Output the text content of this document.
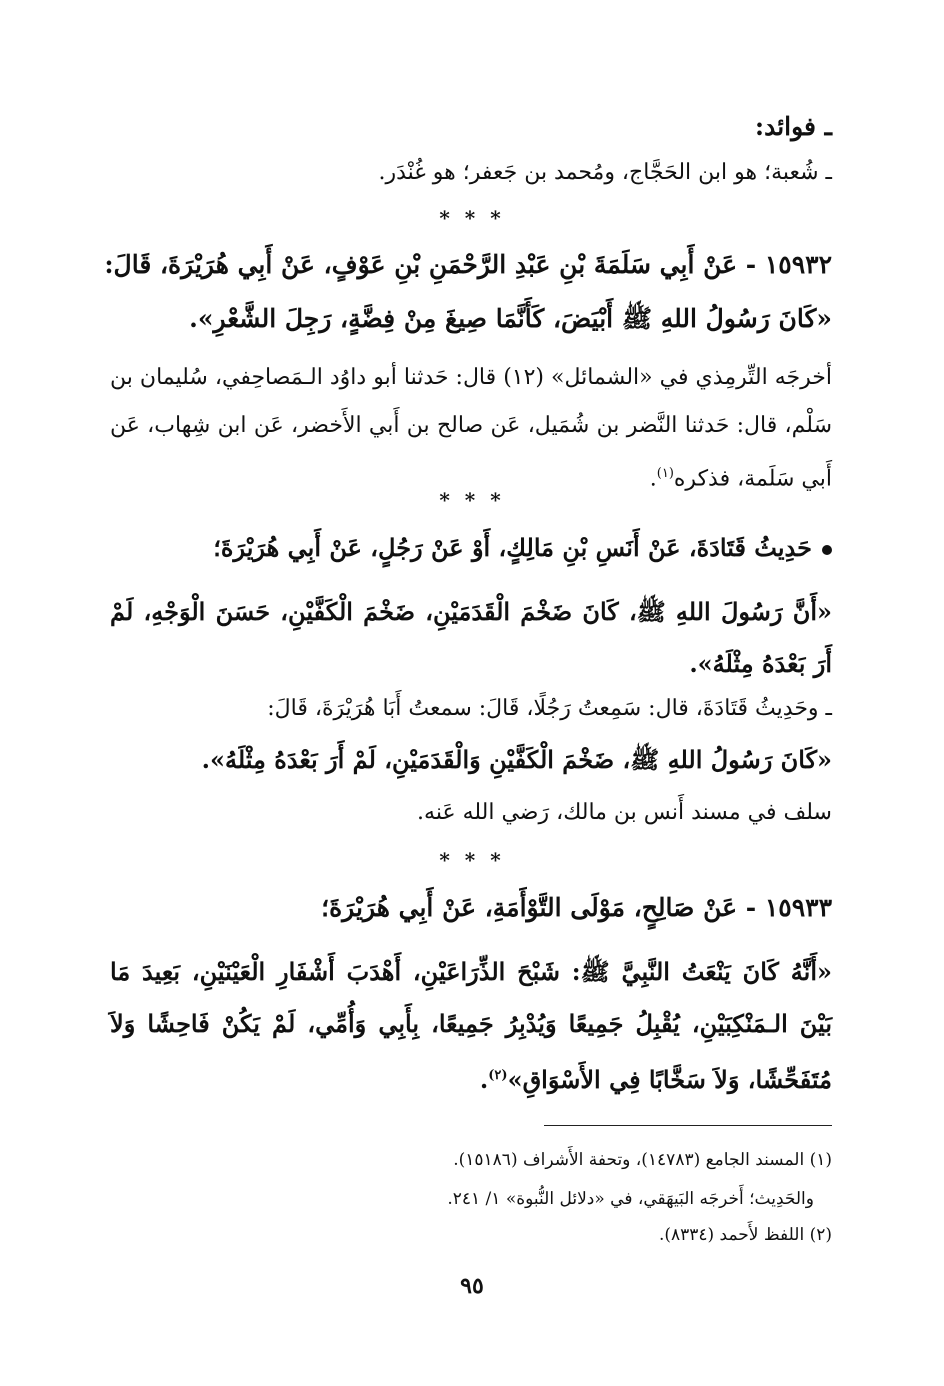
ـ فوائد:
ـ شُعبة؛ هو ابن الحَجَّاج، ومُحمد بن جَعفر؛ هو غُنْدَر.
* * *
١٥٩٣٢ - عَنْ أَبِي سَلَمَةَ بْنِ عَبْدِ الرَّحْمَنِ بْنِ عَوْفٍ، عَنْ أَبِي هُرَيْرَةَ، قَالَ:
«كَانَ رَسُولُ اللهِ ﷺ أَبْيَضَ، كَأَنَّمَا صِيغَ مِنْ فِضَّةٍ، رَجِلَ الشَّعْرِ».
أخرجَه التِّرمِذي في «الشمائل» (١٢) قال: حَدثنا أبو داوُد الـمَصاحِفي، سُليمان بن سَلْم، قال: حَدثنا النَّضر بن شُمَيل، عَن صالح بن أَبي الأَخضر، عَن ابن شِهاب، عَن أَبي سَلَمة، فذكره$^{(١)}$.
* * *
حَدِيثُ قَتَادَةَ، عَنْ أَنَسِ بْنِ مَالِكٍ، أَوْ عَنْ رَجُلٍ، عَنْ أَبِي هُرَيْرَةَ؛
«أَنَّ رَسُولَ اللهِ ﷺ، كَانَ ضَخْمَ الْقَدَمَيْنِ، ضَخْمَ الْكَفَّيْنِ، حَسَنَ الْوَجْهِ، لَمْ أَرَ بَعْدَهُ مِثْلَهُ».
ـ وحَدِيثُ قَتَادَةَ، قال: سَمِعتُ رَجُلًا، قَالَ: سمعتُ أَبَا هُرَيْرَةَ، قَالَ:
«كَانَ رَسُولُ اللهِ ﷺ، ضَخْمَ الْكَفَّيْنِ وَالْقَدَمَيْنِ، لَمْ أَرَ بَعْدَهُ مِثْلَهُ».
سلف في مسند أَنس بن مالك، رَضي الله عَنه.
* * *
١٥٩٣٣ - عَنْ صَالِحٍ، مَوْلَى التَّوْأَمَةِ، عَنْ أَبِي هُرَيْرَةَ؛
«أَنَّهُ كَانَ يَنْعَتُ النَّبِيَّ ﷺ: شَبْحَ الذِّرَاعَيْنِ، أَهْدَبَ أَشْفَارِ الْعَيْنَيْنِ، بَعِيدَ مَا بَيْنَ الـمَنْكِبَيْنِ، يُقْبِلُ جَمِيعًا وَيُدْبِرُ جَمِيعًا، بِأَبِي وَأُمِّي، لَمْ يَكُنْ فَاحِشًا وَلاَ مُتَفَحِّشًا، وَلاَ سَخَّابًا فِي الأَسْوَاقِ»$^{(٢)}$.
(١) المسند الجامع (١٤٧٨٣)، وتحفة الأَشراف (١٥١٨٦).
والحَدِيث؛ أَخرجَه البَيهَقي، في «دلائل النُّبوة» ١/ ٢٤١.
(٢) اللفظ لأَحمد (٨٣٣٤).
٩٥
